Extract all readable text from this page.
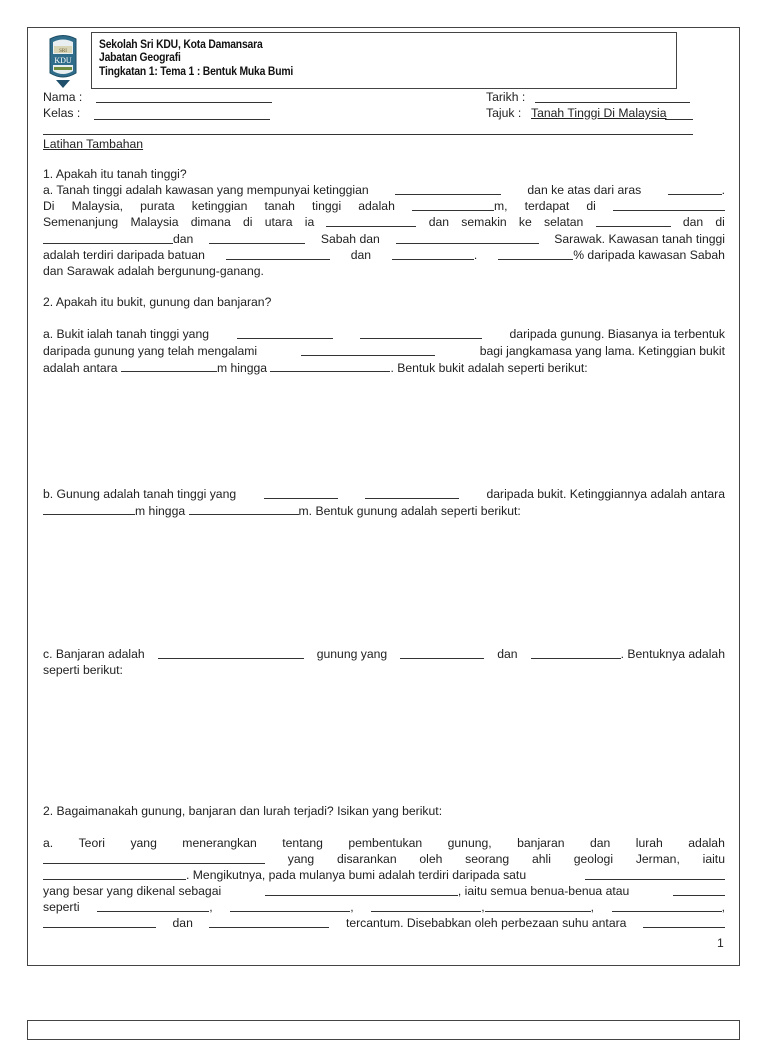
SRI
KDU
Sekolah Sri KDU, Kota Damansara
Jabatan Geografi
Tingkatan 1: Tema 1 : Bentuk Muka Bumi
Nama :
Kelas :
Tarikh :
Tajuk : Tanah Tinggi Di Malaysia
Latihan Tambahan
1. Apakah itu tanah tinggi?
a. Tanah tinggi adalah kawasan yang mempunyai ketinggian	dan ke atas dari aras	.
Di Malaysia, purata ketinggian tanah tinggi adalah	m, terdapat di
Semenanjung Malaysia dimana di utara ia	dan semakin ke selatan	dan di
dan	Sabah dan	Sarawak. Kawasan tanah tinggi
adalah terdiri daripada batuan	dan	.	% daripada kawasan Sabah
dan Sarawak adalah bergunung-ganang.
2. Apakah itu bukit, gunung dan banjaran?
a. Bukit ialah tanah tinggi yang	daripada gunung. Biasanya ia terbentuk
daripada gunung yang telah mengalami	bagi jangkamasa yang lama. Ketinggian bukit
adalah antara	m hingga	. Bentuk bukit adalah seperti berikut:
b. Gunung adalah tanah tinggi yang	daripada bukit. Ketinggiannya adalah antara
m hingga	m. Bentuk gunung adalah seperti berikut:
c. Banjaran adalah	gunung yang	dan	. Bentuknya adalah
seperti berikut:
2. Bagaimanakah gunung, banjaran dan lurah terjadi? Isikan yang berikut:
a. Teori yang menerangkan tentang pembentukan gunung, banjaran dan lurah adalah
yang disarankan oleh seorang ahli geologi Jerman, iaitu
. Mengikutnya, pada mulanya bumi adalah terdiri daripada satu
yang besar yang dikenal sebagai	, iaitu semua benua-benua atau
seperti	,	,	,	,	,
dan	tercantum. Disebabkan oleh perbezaan suhu antara
1
